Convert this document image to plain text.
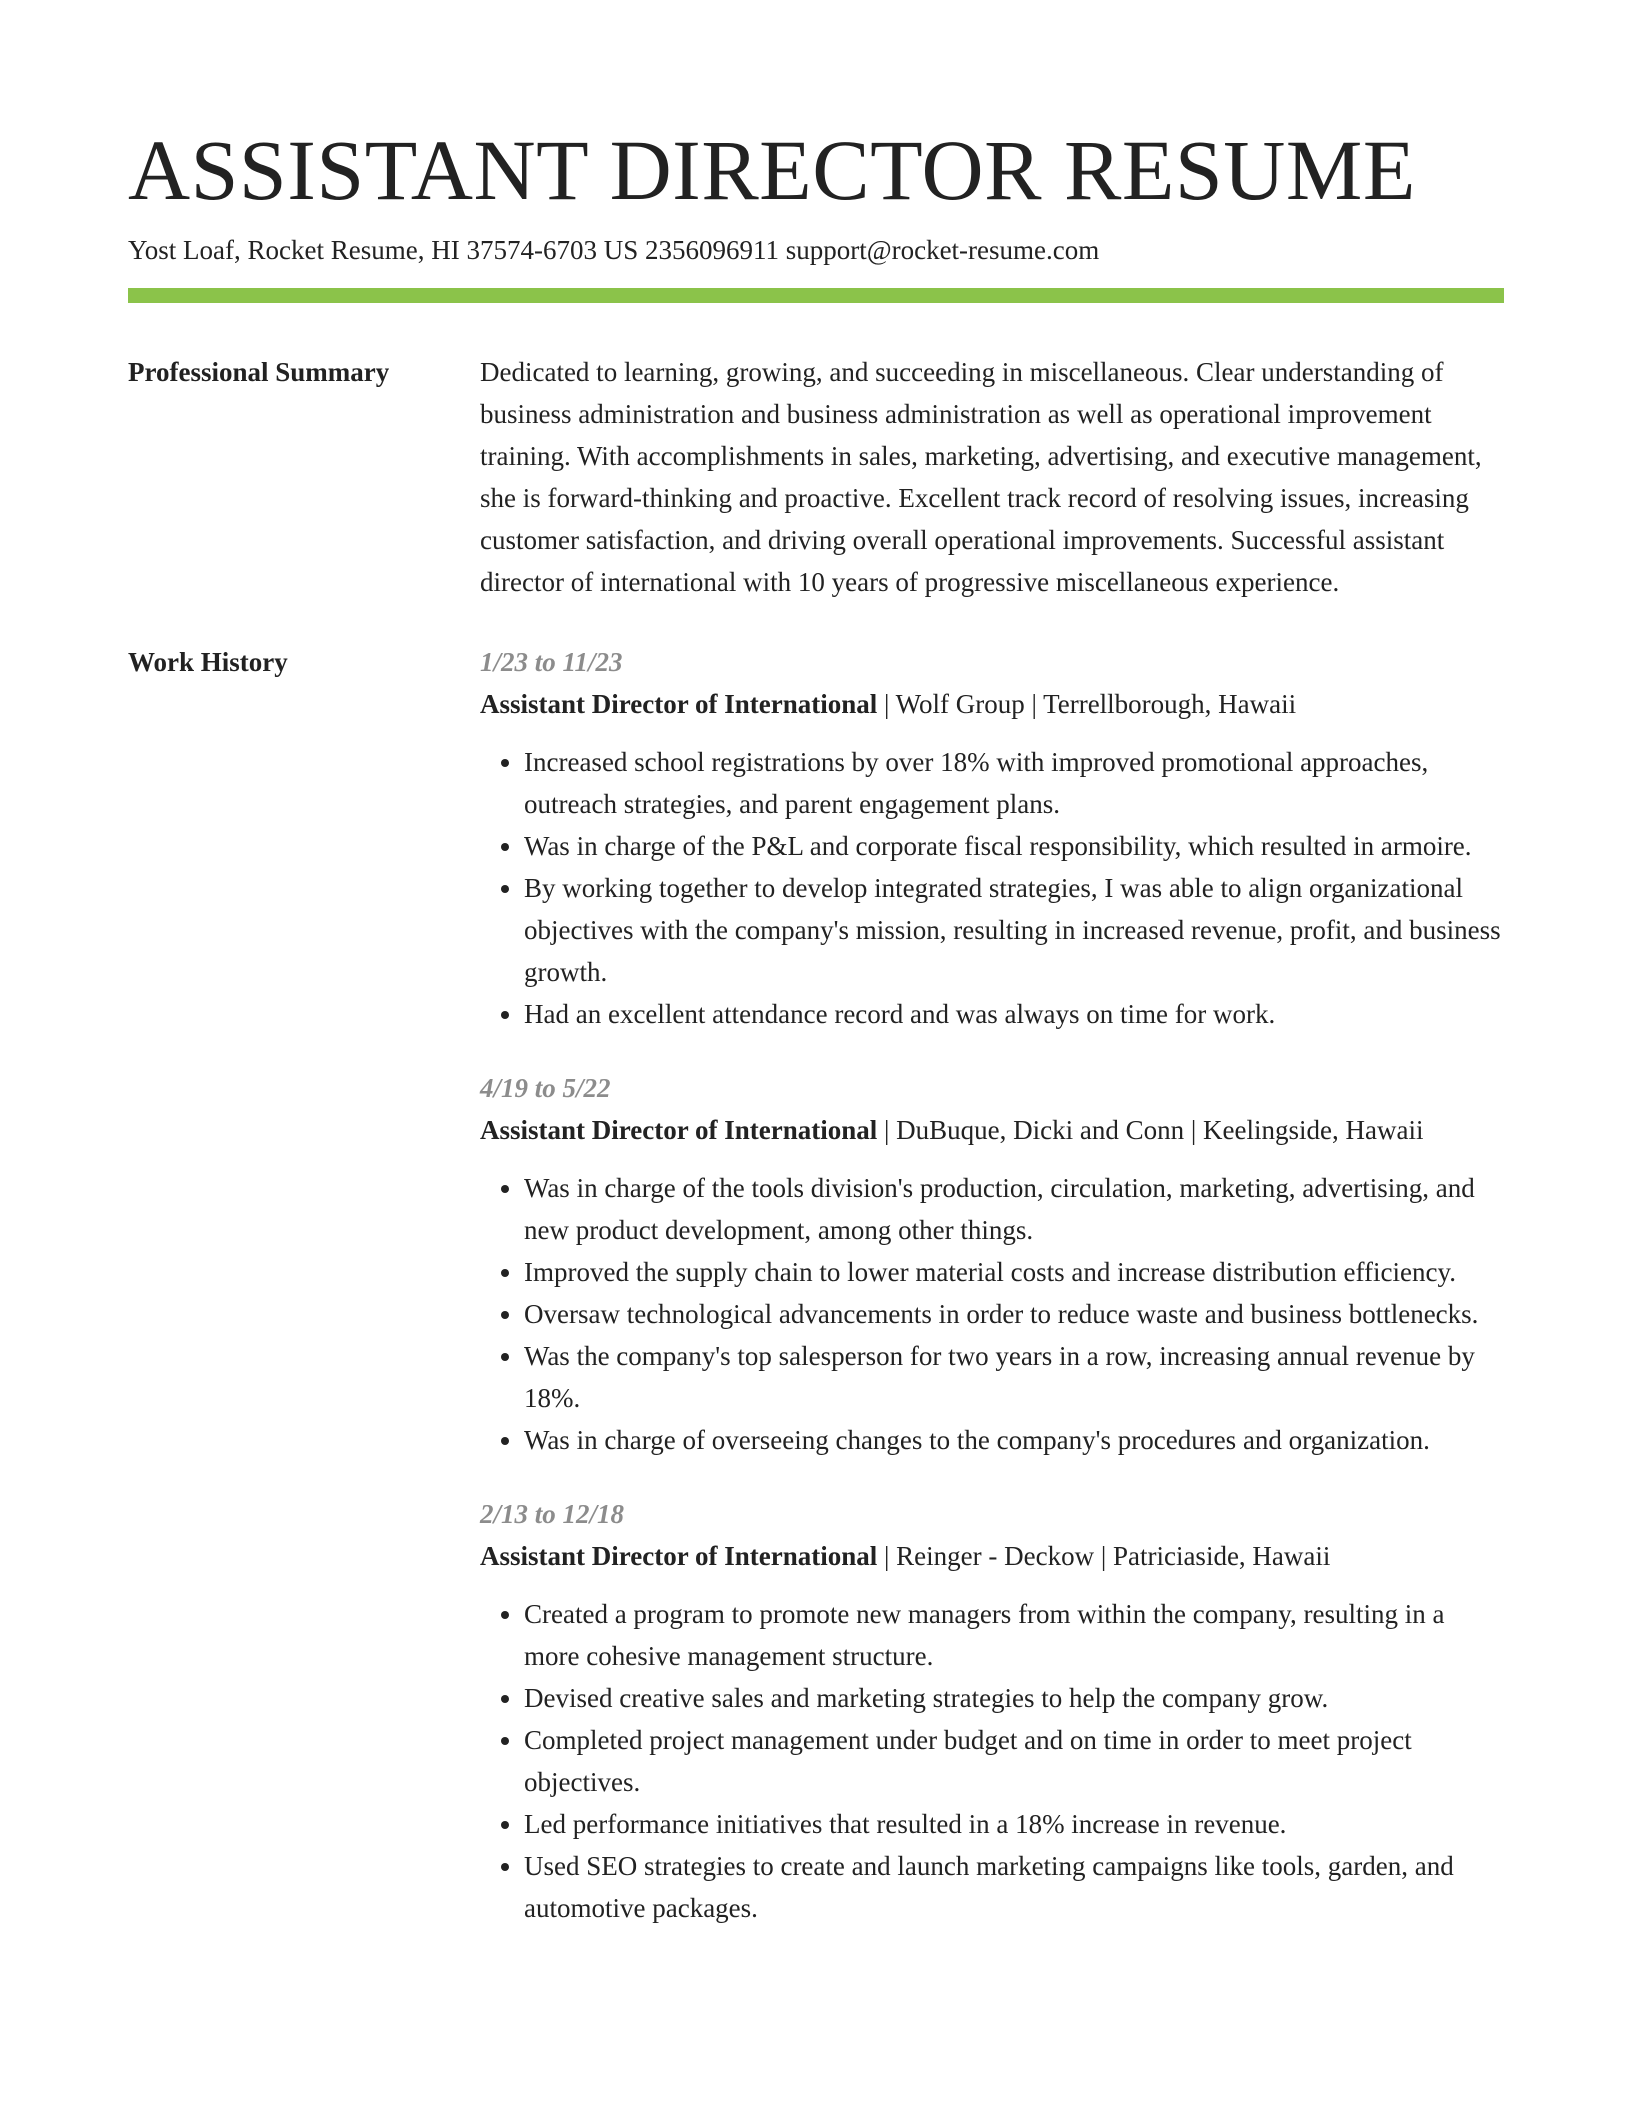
ASSISTANT DIRECTOR RESUME
Yost Loaf, Rocket Resume, HI 37574-6703 US 2356096911 support@rocket-resume.com
Professional Summary	Dedicated to learning, growing, and succeeding in miscellaneous. Clear understanding of business administration and business administration as well as operational improvement training. With accomplishments in sales, marketing, advertising, and executive management, she is forward-thinking and proactive. Excellent track record of resolving issues, increasing customer satisfaction, and driving overall operational improvements. Successful assistant director of international with 10 years of progressive miscellaneous experience.

Work History	1/23 to 11/23
Assistant Director of International | Wolf Group | Terrellborough, Hawaii
• Increased school registrations by over 18% with improved promotional approaches, outreach strategies, and parent engagement plans.
• Was in charge of the P&L and corporate fiscal responsibility, which resulted in armoire.
• By working together to develop integrated strategies, I was able to align organizational objectives with the company's mission, resulting in increased revenue, profit, and business growth.
• Had an excellent attendance record and was always on time for work.
4/19 to 5/22
Assistant Director of International | DuBuque, Dicki and Conn | Keelingside, Hawaii
• Was in charge of the tools division's production, circulation, marketing, advertising, and new product development, among other things.
• Improved the supply chain to lower material costs and increase distribution efficiency.
• Oversaw technological advancements in order to reduce waste and business bottlenecks.
• Was the company's top salesperson for two years in a row, increasing annual revenue by 18%.
• Was in charge of overseeing changes to the company's procedures and organization.
2/13 to 12/18
Assistant Director of International | Reinger - Deckow | Patriciaside, Hawaii
• Created a program to promote new managers from within the company, resulting in a more cohesive management structure.
• Devised creative sales and marketing strategies to help the company grow.
• Completed project management under budget and on time in order to meet project objectives.
• Led performance initiatives that resulted in a 18% increase in revenue.
• Used SEO strategies to create and launch marketing campaigns like tools, garden, and automotive packages.
